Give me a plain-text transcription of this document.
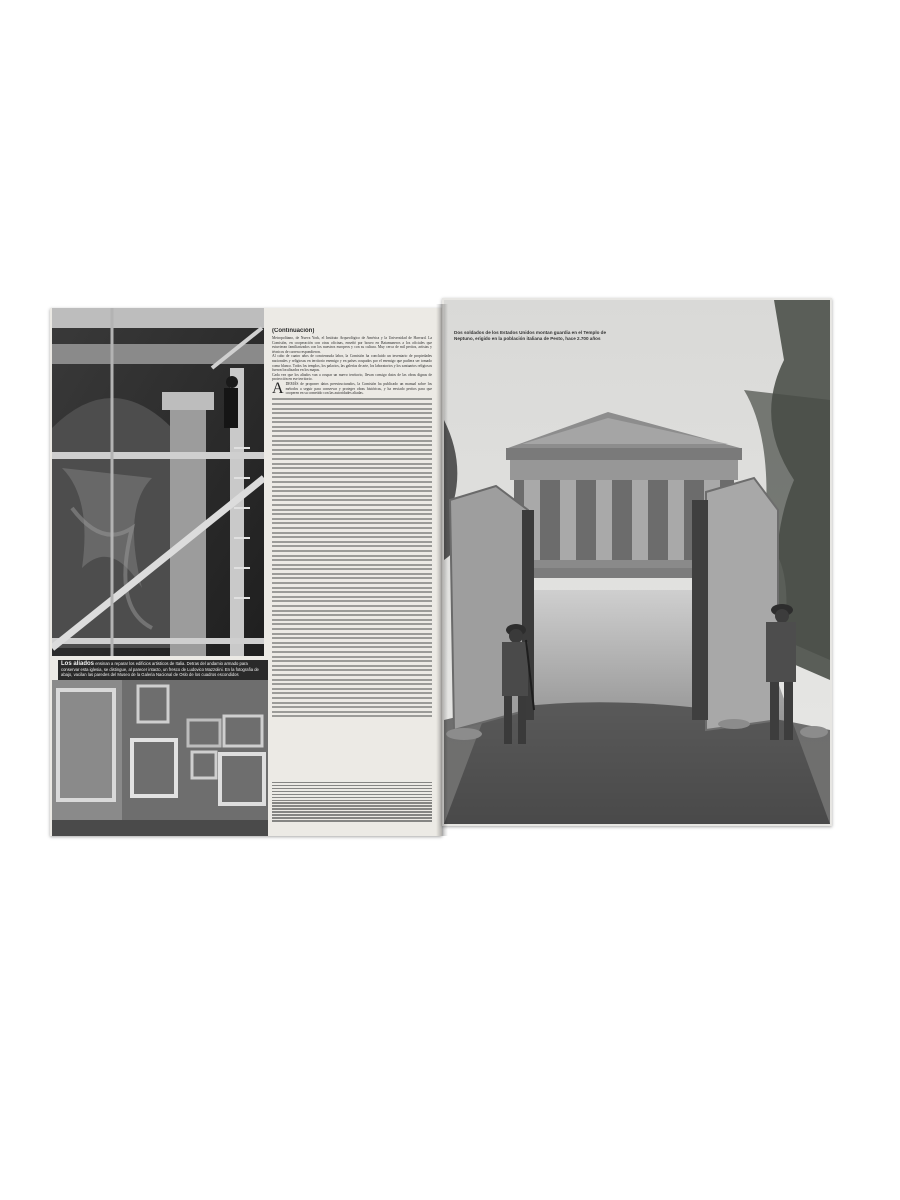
Los aliados ensinan a reparar los edificios artisticos de Italia. Detras del andamio armado para conservar esta iglesia, se distingue, al parecer intacto, un fresco de Ludovico Mazzolini. En la fotografia de abajo, vacilan las paredes del Museo de la Galeria Nacional de Oslo de los cuadros escondidos
(Continuación)

Metropolitano, de Nueva York, el Instituto Arqueológico de América y la Universidad de Harvard. La Comisión, en cooperación con otras oficinas, enseñó por boxeo en Batamuneros a los oficiales que estuvieran familiarizados con los nuestros europeos y con su cultura. Muy cerca de mil peritos, artistas y técnicos de carrera respondieron.

Al cabo de cuatro años de concienzuda labor, la Comisión ha concluido un inventario de propiedades nacionales y religiosas en territorio enemigo y en países ocupados por el enemigo que pudiera ser tomado como blanco. Todos los templos, los palacios, las galerías de arte, los laboratorios y los santuarios religiosos fueron localizados en los mapas.

Cada vez que los aliados van a ocupar un nuevo territorio, llevan consigo datos de las obras dignas de protección en ese territorio.

A DEMÁS de proponer datos preestructurados, la Comisión ha publicado un manual sobre los métodos a seguir para conservar y proteger obras históricas, y ha enviado peritos para que cooperen en su cometido con las autoridades aliadas.

Dos soldados de los Estados Unidos montan guardia en el Templo de Neptuno, erigido en la población italiana de Pesto, hace 2.700 años
